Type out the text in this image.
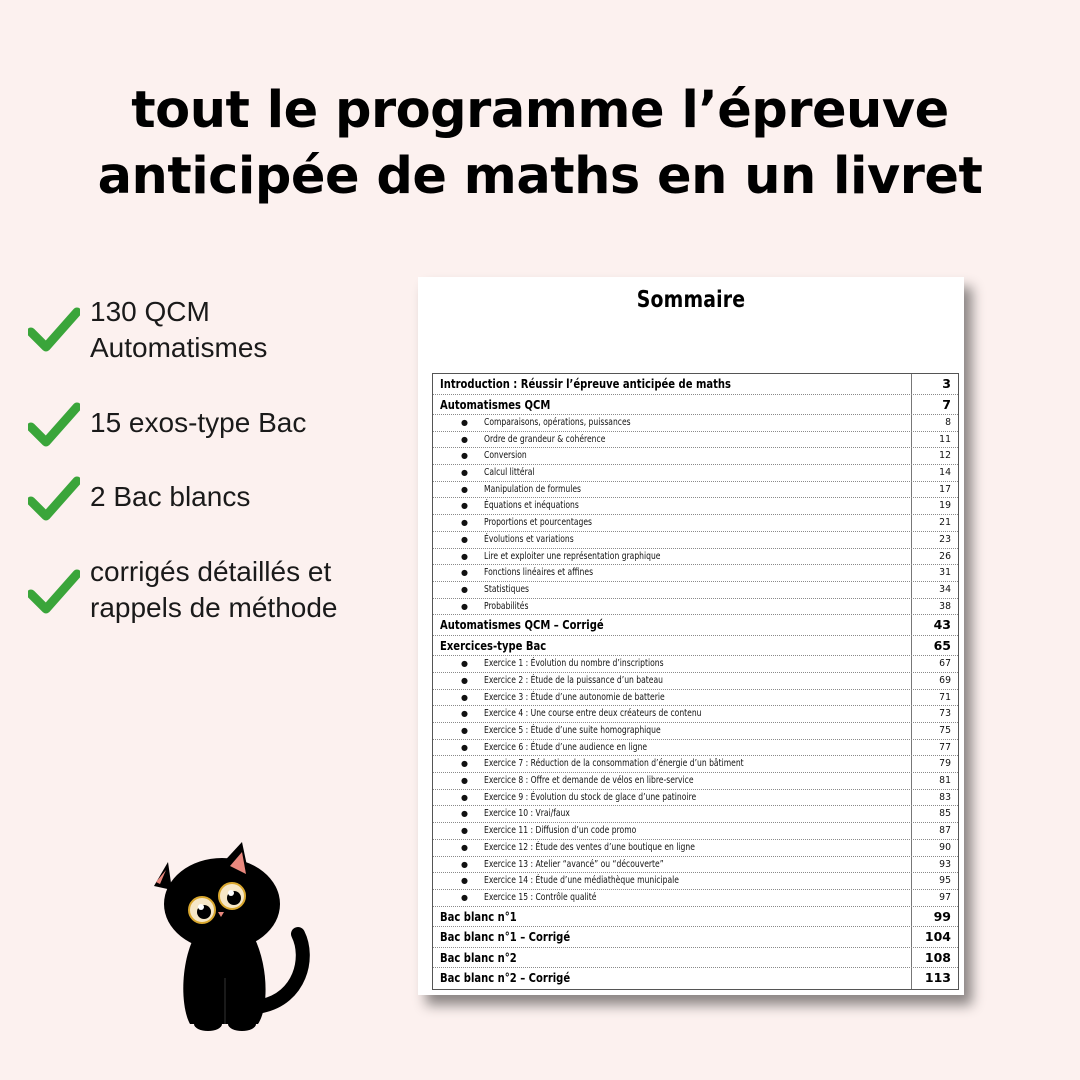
tout le programme l’épreuve
anticipée de maths en un livret
130 QCM
Automatismes
15 exos-type Bac
2 Bac blancs
corrigés détaillés et
rappels de méthode
Sommaire
Introduction : Réussir l’épreuve anticipée de maths	3
Automatismes QCM	7
● Comparaisons, opérations, puissances	8
● Ordre de grandeur & cohérence	11
● Conversion	12
● Calcul littéral	14
● Manipulation de formules	17
● Équations et inéquations	19
● Proportions et pourcentages	21
● Évolutions et variations	23
● Lire et exploiter une représentation graphique	26
● Fonctions linéaires et affines	31
● Statistiques	34
● Probabilités	38
Automatismes QCM – Corrigé	43
Exercices-type Bac	65
● Exercice 1 : Évolution du nombre d’inscriptions	67
● Exercice 2 : Étude de la puissance d’un bateau	69
● Exercice 3 : Étude d’une autonomie de batterie	71
● Exercice 4 : Une course entre deux créateurs de contenu	73
● Exercice 5 : Étude d’une suite homographique	75
● Exercice 6 : Étude d’une audience en ligne	77
● Exercice 7 : Réduction de la consommation d’énergie d’un bâtiment	79
● Exercice 8 : Offre et demande de vélos en libre-service	81
● Exercice 9 : Évolution du stock de glace d’une patinoire	83
● Exercice 10 : Vrai/faux	85
● Exercice 11 : Diffusion d’un code promo	87
● Exercice 12 : Étude des ventes d’une boutique en ligne	90
● Exercice 13 : Atelier “avancé” ou “découverte”	93
● Exercice 14 : Étude d’une médiathèque municipale	95
● Exercice 15 : Contrôle qualité	97
Bac blanc n°1	99
Bac blanc n°1 – Corrigé	104
Bac blanc n°2	108
Bac blanc n°2 – Corrigé	113
